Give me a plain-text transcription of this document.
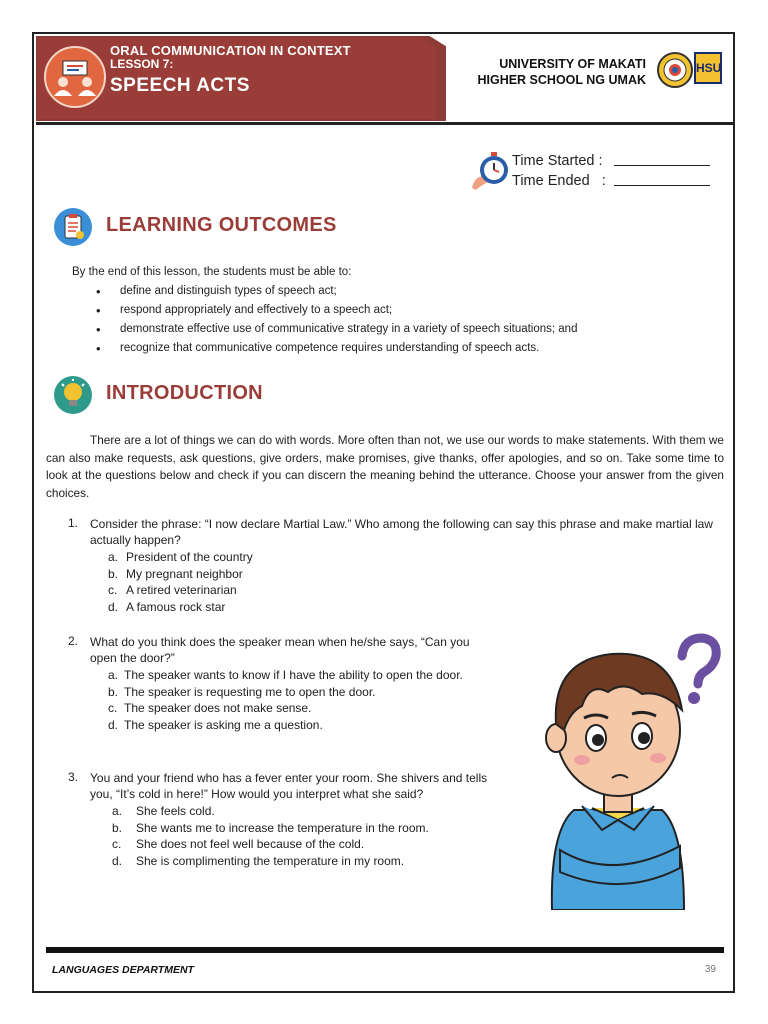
ORAL COMMUNICATION IN CONTEXT
LESSON 7:
SPEECH ACTS
UNIVERSITY OF MAKATI
HIGHER SCHOOL NG UMAK
HSU
Time Started :
Time Ended   :
LEARNING OUTCOMES
By the end of this lesson, the students must be able to:
• define and distinguish types of speech act;
• respond appropriately and effectively to a speech act;
• demonstrate effective use of communicative strategy in a variety of speech situations; and
• recognize that communicative competence requires understanding of speech acts.
INTRODUCTION
There are a lot of things we can do with words. More often than not, we use our words to make statements. With them we can also make requests, ask questions, give orders, make promises, give thanks, offer apologies, and so on. Take some time to look at the questions below and check if you can discern the meaning behind the utterance. Choose your answer from the given choices.
1. Consider the phrase: “I now declare Martial Law.” Who among the following can say this phrase and make martial law actually happen?
a. President of the country
b. My pregnant neighbor
c. A retired veterinarian
d. A famous rock star
2. What do you think does the speaker mean when he/she says, “Can you open the door?”
a. The speaker wants to know if I have the ability to open the door.
b. The speaker is requesting me to open the door.
c. The speaker does not make sense.
d. The speaker is asking me a question.
3. You and your friend who has a fever enter your room. She shivers and tells you, “It’s cold in here!” How would you interpret what she said?
a. She feels cold.
b. She wants me to increase the temperature in the room.
c. She does not feel well because of the cold.
d. She is complimenting the temperature in my room.
LANGUAGES DEPARTMENT	39
